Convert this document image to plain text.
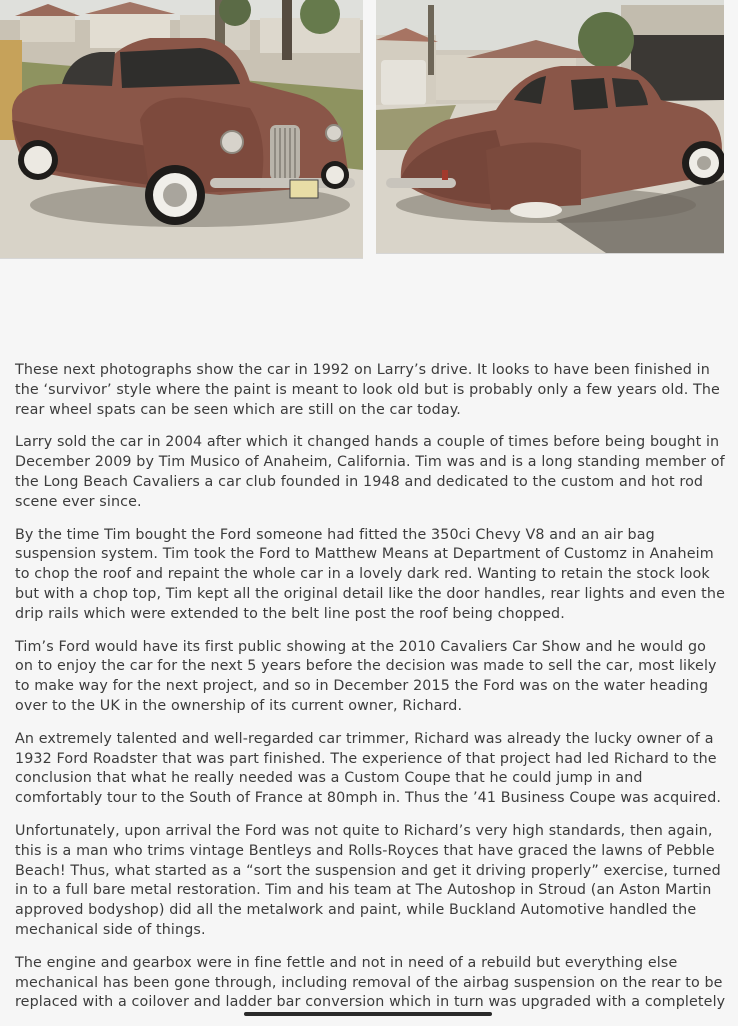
These next photographs show the car in 1992 on Larry’s drive. It looks to have been finished in the ‘survivor’ style where the paint is meant to look old but is probably only a few years old. The rear wheel spats can be seen which are still on the car today.

Larry sold the car in 2004 after which it changed hands a couple of times before being bought in December 2009 by Tim Musico of Anaheim, California. Tim was and is a long standing member of the Long Beach Cavaliers a car club founded in 1948 and dedicated to the custom and hot rod scene ever since.

By the time Tim bought the Ford someone had fitted the 350ci Chevy V8 and an air bag suspension system. Tim took the Ford to Matthew Means at Department of Customz in Anaheim to chop the roof and repaint the whole car in a lovely dark red. Wanting to retain the stock look but with a chop top, Tim kept all the original detail like the door handles, rear lights and even the drip rails which were extended to the belt line post the roof being chopped.

Tim’s Ford would have its first public showing at the 2010 Cavaliers Car Show and he would go on to enjoy the car for the next 5 years before the decision was made to sell the car, most likely to make way for the next project, and so in December 2015 the Ford was on the water heading over to the UK in the ownership of its current owner, Richard.

An extremely talented and well-regarded car trimmer, Richard was already the lucky owner of a 1932 Ford Roadster that was part finished. The experience of that project had led Richard to the conclusion that what he really needed was a Custom Coupe that he could jump in and comfortably tour to the South of France at 80mph in. Thus the ’41 Business Coupe was acquired.

Unfortunately, upon arrival the Ford was not quite to Richard’s very high standards, then again, this is a man who trims vintage Bentleys and Rolls-Royces that have graced the lawns of Pebble Beach! Thus, what started as a “sort the suspension and get it driving properly” exercise, turned in to a full bare metal restoration. Tim and his team at The Autoshop in Stroud (an Aston Martin approved bodyshop) did all the metalwork and paint, while Buckland Automotive handled the mechanical side of things.

The engine and gearbox were in fine fettle and not in need of a rebuild but everything else mechanical has been gone through, including removal of the airbag suspension on the rear to be replaced with a coilover and ladder bar conversion which in turn was upgraded with a completely
